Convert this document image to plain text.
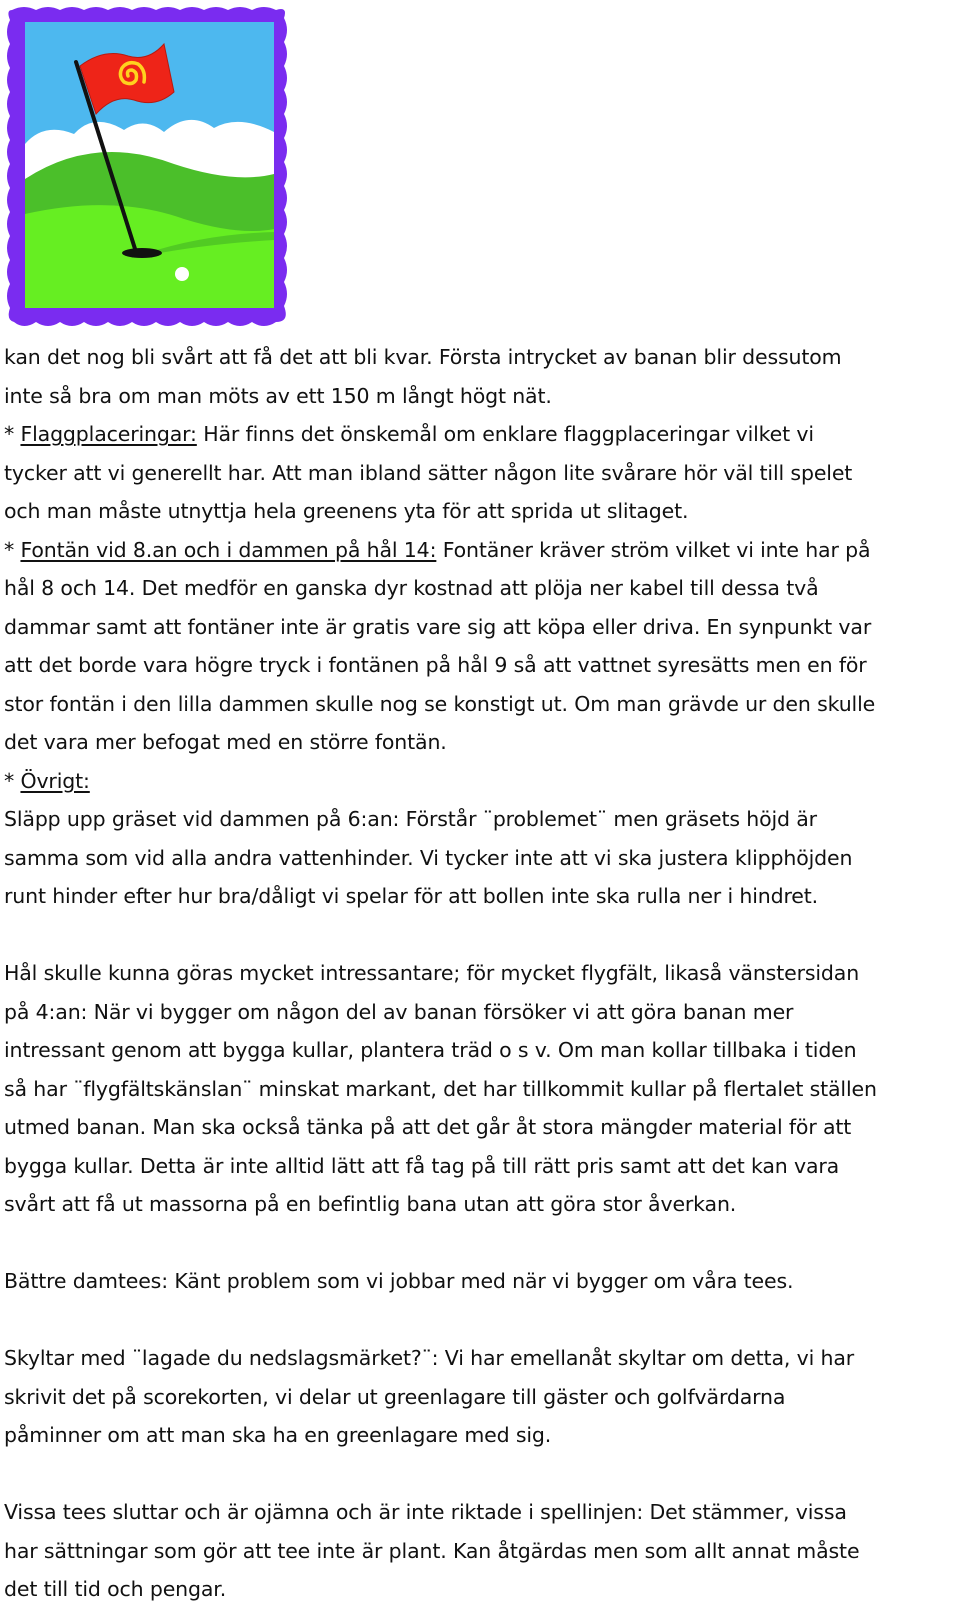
kan det nog bli svårt att få det att bli kvar. Första intrycket av banan blir dessutom

inte så bra om man möts av ett 150 m långt högt nät.

* Flaggplaceringar: Här finns det önskemål om enklare flaggplaceringar vilket vi

tycker att vi generellt har. Att man ibland sätter någon lite svårare hör väl till spelet

och man måste utnyttja hela greenens yta för att sprida ut slitaget.

* Fontän vid 8.an och i dammen på hål 14: Fontäner kräver ström vilket vi inte har på

hål 8 och 14. Det medför en ganska dyr kostnad att plöja ner kabel till dessa två

dammar samt att fontäner inte är gratis vare sig att köpa eller driva. En synpunkt var

att det borde vara högre tryck i fontänen på hål 9 så att vattnet syresätts men en för

stor fontän i den lilla dammen skulle nog se konstigt ut. Om man grävde ur den skulle

det vara mer befogat med en större fontän.

* Övrigt:

Släpp upp gräset vid dammen på 6:an: Förstår ¨problemet¨ men gräsets höjd är

samma som vid alla andra vattenhinder. Vi tycker inte att vi ska justera klipphöjden

runt hinder efter hur bra/dåligt vi spelar för att bollen inte ska rulla ner i hindret.

Hål skulle kunna göras mycket intressantare; för mycket flygfält, likaså vänstersidan

på 4:an: När vi bygger om någon del av banan försöker vi att göra banan mer

intressant genom att bygga kullar, plantera träd o s v. Om man kollar tillbaka i tiden

så har ¨flygfältskänslan¨ minskat markant, det har tillkommit kullar på flertalet ställen

utmed banan. Man ska också tänka på att det går åt stora mängder material för att

bygga kullar. Detta är inte alltid lätt att få tag på till rätt pris samt att det kan vara

svårt att få ut massorna på en befintlig bana utan att göra stor åverkan.

Bättre damtees: Känt problem som vi jobbar med när vi bygger om våra tees.

Skyltar med ¨lagade du nedslagsmärket?¨: Vi har emellanåt skyltar om detta, vi har

skrivit det på scorekorten, vi delar ut greenlagare till gäster och golfvärdarna

påminner om att man ska ha en greenlagare med sig.

Vissa tees sluttar och är ojämna och är inte riktade i spellinjen: Det stämmer, vissa

har sättningar som gör att tee inte är plant. Kan åtgärdas men som allt annat måste

det till tid och pengar.
